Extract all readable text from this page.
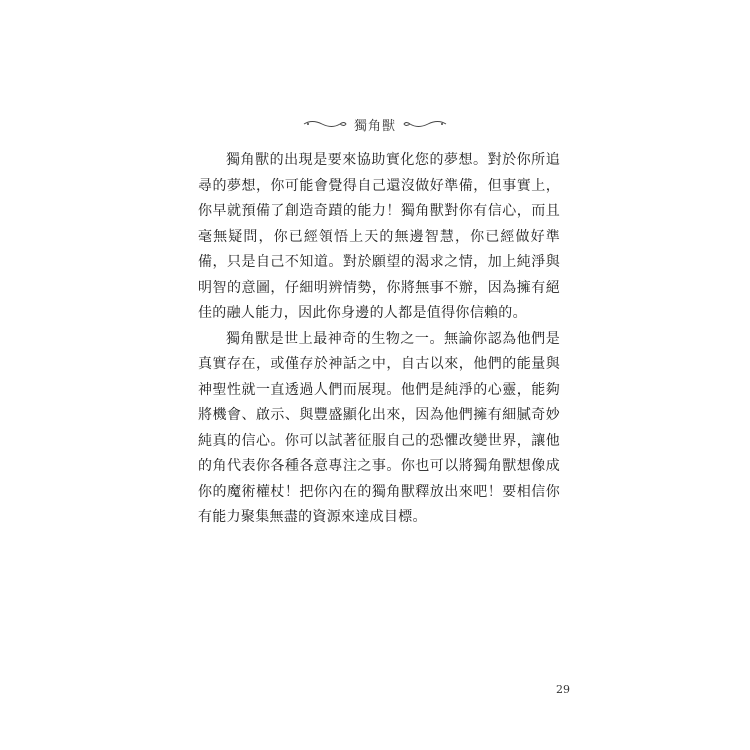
獨角獸

獨角獸的出現是要來協助實化您的夢想。對於你所追尋的夢想，你可能會覺得自己還沒做好準備，但事實上，你早就預備了創造奇蹟的能力！獨角獸對你有信心，而且毫無疑問，你已經領悟上天的無邊智慧，你已經做好準備，只是自己不知道。對於願望的渴求之情，加上純淨與明智的意圖，仔細明辨情勢，你將無事不辦，因為擁有絕佳的融人能力，因此你身邊的人都是值得你信賴的。

獨角獸是世上最神奇的生物之一。無論你認為他們是真實存在，或僅存於神話之中，自古以來，他們的能量與神聖性就一直透過人們而展現。他們是純淨的心靈，能夠將機會、啟示、與豐盛顯化出來，因為他們擁有細膩奇妙純真的信心。你可以試著征服自己的恐懼改變世界，讓他的角代表你各種各意專注之事。你也可以將獨角獸想像成你的魔術權杖！把你內在的獨角獸釋放出來吧！要相信你有能力聚集無盡的資源來達成目標。

29
